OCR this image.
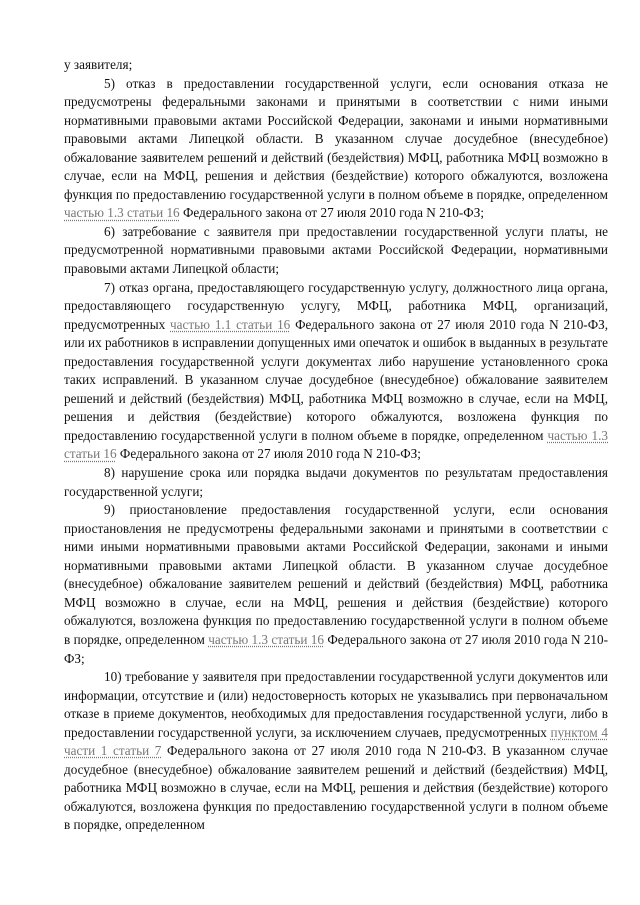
у заявителя;

5) отказ в предоставлении государственной услуги, если основания отказа не предусмотрены федеральными законами и принятыми в соответствии с ними иными нормативными правовыми актами Российской Федерации, законами и иными нормативными правовыми актами Липецкой области. В указанном случае досудебное (внесудебное) обжалование заявителем решений и действий (бездействия) МФЦ, работника МФЦ возможно в случае, если на МФЦ, решения и действия (бездействие) которого обжалуются, возложена функция по предоставлению государственной услуги в полном объеме в порядке, определенном частью 1.3 статьи 16 Федерального закона от 27 июля 2010 года N 210-ФЗ;

6) затребование с заявителя при предоставлении государственной услуги платы, не предусмотренной нормативными правовыми актами Российской Федерации, нормативными правовыми актами Липецкой области;

7) отказ органа, предоставляющего государственную услугу, должностного лица органа, предоставляющего государственную услугу, МФЦ, работника МФЦ, организаций, предусмотренных частью 1.1 статьи 16 Федерального закона от 27 июля 2010 года N 210-ФЗ, или их работников в исправлении допущенных ими опечаток и ошибок в выданных в результате предоставления государственной услуги документах либо нарушение установленного срока таких исправлений. В указанном случае досудебное (внесудебное) обжалование заявителем решений и действий (бездействия) МФЦ, работника МФЦ возможно в случае, если на МФЦ, решения и действия (бездействие) которого обжалуются, возложена функция по предоставлению государственной услуги в полном объеме в порядке, определенном частью 1.3 статьи 16 Федерального закона от 27 июля 2010 года N 210-ФЗ;

8) нарушение срока или порядка выдачи документов по результатам предоставления государственной услуги;

9) приостановление предоставления государственной услуги, если основания приостановления не предусмотрены федеральными законами и принятыми в соответствии с ними иными нормативными правовыми актами Российской Федерации, законами и иными нормативными правовыми актами Липецкой области. В указанном случае досудебное (внесудебное) обжалование заявителем решений и действий (бездействия) МФЦ, работника МФЦ возможно в случае, если на МФЦ, решения и действия (бездействие) которого обжалуются, возложена функция по предоставлению государственной услуги в полном объеме в порядке, определенном частью 1.3 статьи 16 Федерального закона от 27 июля 2010 года N 210-ФЗ;

10) требование у заявителя при предоставлении государственной услуги документов или информации, отсутствие и (или) недостоверность которых не указывались при первоначальном отказе в приеме документов, необходимых для предоставления государственной услуги, либо в предоставлении государственной услуги, за исключением случаев, предусмотренных пунктом 4 части 1 статьи 7 Федерального закона от 27 июля 2010 года N 210-ФЗ. В указанном случае досудебное (внесудебное) обжалование заявителем решений и действий (бездействия) МФЦ, работника МФЦ возможно в случае, если на МФЦ, решения и действия (бездействие) которого обжалуются, возложена функция по предоставлению государственной услуги в полном объеме в порядке, определенном
